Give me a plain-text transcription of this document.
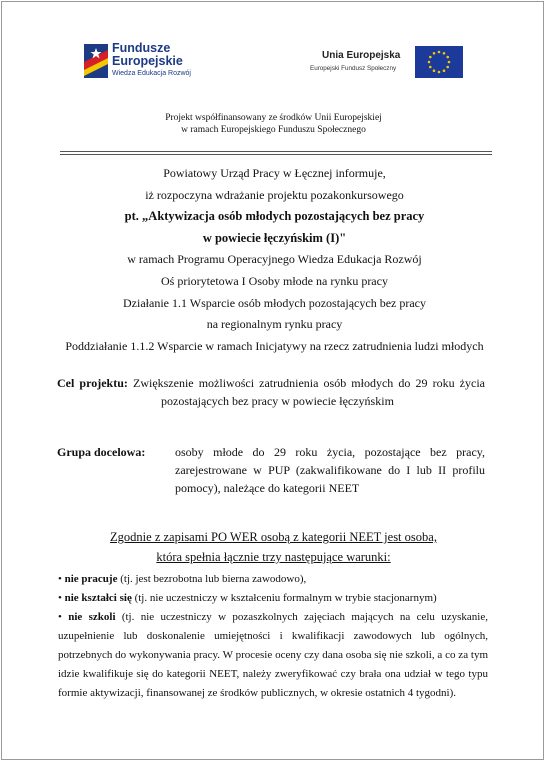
Fundusze
Europejskie
Wiedza Edukacja Rozwój
Unia Europejska
Europejski Fundusz Społeczny
Projekt współfinansowany ze środków Unii Europejskiej
w ramach Europejskiego Funduszu Społecznego
Powiatowy Urząd Pracy w Łęcznej informuje,
iż rozpoczyna wdrażanie projektu pozakonkursowego
pt. „Aktywizacja osób młodych pozostających bez pracy
w powiecie łęczyńskim (I)"
w ramach Programu Operacyjnego Wiedza Edukacja Rozwój
Oś priorytetowa I Osoby młode na rynku pracy
Działanie 1.1 Wsparcie osób młodych pozostających bez pracy
na regionalnym rynku pracy
Poddziałanie 1.1.2 Wsparcie w ramach Inicjatywy na rzecz zatrudnienia ludzi młodych
Cel projektu: Zwiększenie możliwości zatrudnienia osób młodych do 29 roku życia
pozostających bez pracy w powiecie łęczyńskim
Grupa docelowa: osoby młode do 29 roku życia, pozostające bez pracy, zarejestrowane w PUP (zakwalifikowane do I lub II profilu pomocy), należące do kategorii NEET
Zgodnie z zapisami PO WER osobą z kategorii NEET jest osoba,
która spełnia łącznie trzy następujące warunki:
• nie pracuje (tj. jest bezrobotna lub bierna zawodowo),
• nie kształci się (tj. nie uczestniczy w kształceniu formalnym w trybie stacjonarnym)
• nie szkoli (tj. nie uczestniczy w pozaszkolnych zajęciach mających na celu uzyskanie, uzupełnienie lub doskonalenie umiejętności i kwalifikacji zawodowych lub ogólnych, potrzebnych do wykonywania pracy. W procesie oceny czy dana osoba się nie szkoli, a co za tym idzie kwalifikuje się do kategorii NEET, należy zweryfikować czy brała ona udział w tego typu formie aktywizacji, finansowanej ze środków publicznych, w okresie ostatnich 4 tygodni).
